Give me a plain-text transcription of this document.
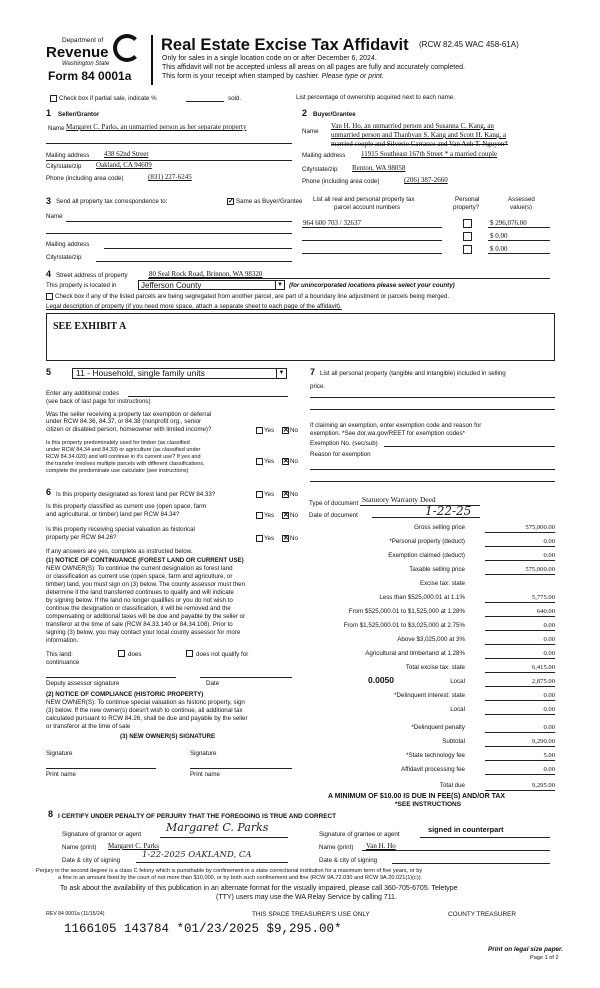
Department of
Revenue
Washington State
Form 84 0001a
Real Estate Excise Tax Affidavit (RCW 82.45 WAC 458-61A)
Only for sales in a single location code on or after December 6, 2024.
This affidavit will not be accepted unless all areas on all pages are fully and accurately completed.
This form is your receipt when stamped by cashier. Please type or print.
Check box if partial sale, indicate %	sold.	List percentage of ownership acquired next to each name.
1 Seller/Grantor
Name Margaret C. Parks, an unmarried person as her separate property
Mailing address 438 62nd Street
City/state/zip Oakland, CA 94609
Phone (including area code)	(831) 227-6245
2 Buyer/Grantee
Name
Van H. Ho, an unmarried person and Susanna C. Kang, an
unmarried person and Thanhvan S. Kang and Scott H. Kang, a
married couple and Silverio Carrasco and Van Anh T. Nguyen*
Mailing address 11915 Southeast 167th Street * a married couple
City/state/zip Renton, WA 98058
Phone (including area code)	(206) 387-2660
3 Send all property tax correspondence to:	✓ Same as Buyer/Grantee
Name
Mailing address
City/state/zip
List all real and personal property tax
parcel account numbers
Personal
property?
Assessed
value(s)
964 600 703 / 32637	$ 296,076.00
$ 0.00
$ 0.00
4 Street address of property	80 Seal Rock Road, Brinnon, WA 98320
This property is located in	Jefferson County	▼ (for unincorporated locations please select your county)
Check box if any of the listed parcels are being segregated from another parcel, are part of a boundary line adjustment or parcels being merged.
Legal description of property (if you need more space, attach a separate sheet to each page of the affidavit).
SEE EXHIBIT A
5	11 - Household, single family units	▼
Enter any additional codes
(see back of last page for instructions)
Was the seller receiving a property tax exemption or deferral
under RCW 84.36, 84.37, or 84.38 (nonprofit org., senior
citizen or disabled person, homeowner with limited income)?	Yes ✕ No
Is this property predominately used for timber (as classified
under RCW 84.34 and 84.33) or agriculture (as classified under
RCW 84.34.020) and will continue in it's current use? If yes and
the transfer involves multiple parcels with different classifications,
complete the predominate use calculator (see instructions)
Yes ✕ No
7 List all personal property (tangible and intangible) included in selling
price.
If claiming an exemption, enter exemption code and reason for
exemption. *See dor.wa.gov/REET for exemption codes*
Exemption No. (sec/sub)
Reason for exemption
6 Is this property designated as forest land per RCW 84.33?	Yes ✕ No
Is this property classified as current use (open space, farm
and agricultural, or timber) land per RCW 84.34?	Yes ✕ No
Is this property receiving special valuation as historical
property per RCW 84.26?	Yes ✕ No
If any answers are yes, complete as instructed below.
(1) NOTICE OF CONTINUANCE (FOREST LAND OR CURRENT USE)
NEW OWNER(S): To continue the current designation as forest land
or classification as current use (open space, farm and agriculture, or
timber) land, you must sign on (3) below. The county assessor must then
determine if the land transferred continues to qualify and will indicate
by signing below. If the land no longer qualifies or you do not wish to
continue the designation or classification, it will be removed and the
compensating or additional taxes will be due and payable by the seller or
transferor at the time of sale (RCW 84.33.140 or 84.34.108). Prior to
signing (3) below, you may contact your local county assessor for more
information.
This land:	does	does not qualify for
continuance
Deputy assessor signature	Date
(2) NOTICE OF COMPLIANCE (HISTORIC PROPERTY)
NEW OWNER(S): To continue special valuation as historic property, sign
(3) below. If the new owner(s) doesn't wish to continue, all additional tax
calculated pursuant to RCW 84.26, shall be due and payable by the seller
or transferor at the time of sale
(3) NEW OWNER(S) SIGNATURE
Signature	Signature
Print name	Print name
Type of document Statutory Warranty Deed
Date of document	1-22-25
Gross selling price	575,000.00
*Personal property (deduct)	0.00
Exemption claimed (deduct)	0.00
Taxable selling price	575,000.00
Excise tax: state
Less than $525,000.01 at 1.1%	5,775.00
From $525,000.01 to $1,525,000 at 1.28%	640.00
From $1,525,000.01 to $3,025,000 at 2.75%	0.00
Above $3,025,000 at 3%	0.00
Agricultural and timberland at 1.28%	0.00
Total excise tax: state	6,415.00
0.0050	Local	2,875.00
*Delinquent interest: state	0.00
Local	0.00
*Delinquent penalty	0.00
Subtotal	9,290.00
*State technology fee	5.00
Affidavit processing fee	0.00
Total due	9,295.00
A MINIMUM OF $10.00 IS DUE IN FEE(S) AND/OR TAX
*SEE INSTRUCTIONS
8 I CERTIFY UNDER PENALTY OF PERJURY THAT THE FOREGOING IS TRUE AND CORRECT
Signature of grantor or agent
Margaret C. Parks
Name (print) Margaret C. Parks
Date & city of signing
1-22-2025 OAKLAND, CA
Signature of grantee or agent
signed in counterpart
Name (print) Van H. Ho
Date & city of signing
Perjury in the second degree is a class C felony which is punishable by confinement in a state correctional institution for a maximum term of five years, or by
a fine in an amount fixed by the court of not more than $10,000, or by both such confinement and fine (RCW 9A.72.030 and RCW 9A.20.021(1)(c)).
To ask about the availability of this publication in an alternate format for the visually impaired, please call 360-705-6705. Teletype
(TTY) users may use the WA Relay Service by calling 711.
REV 84 0001a (11/15/24)	THIS SPACE TREASURER'S USE ONLY	COUNTY TREASURER
1166105 143784 *01/23/2025 $9,295.00*
Print on legal size paper.
Page 1 of 2
